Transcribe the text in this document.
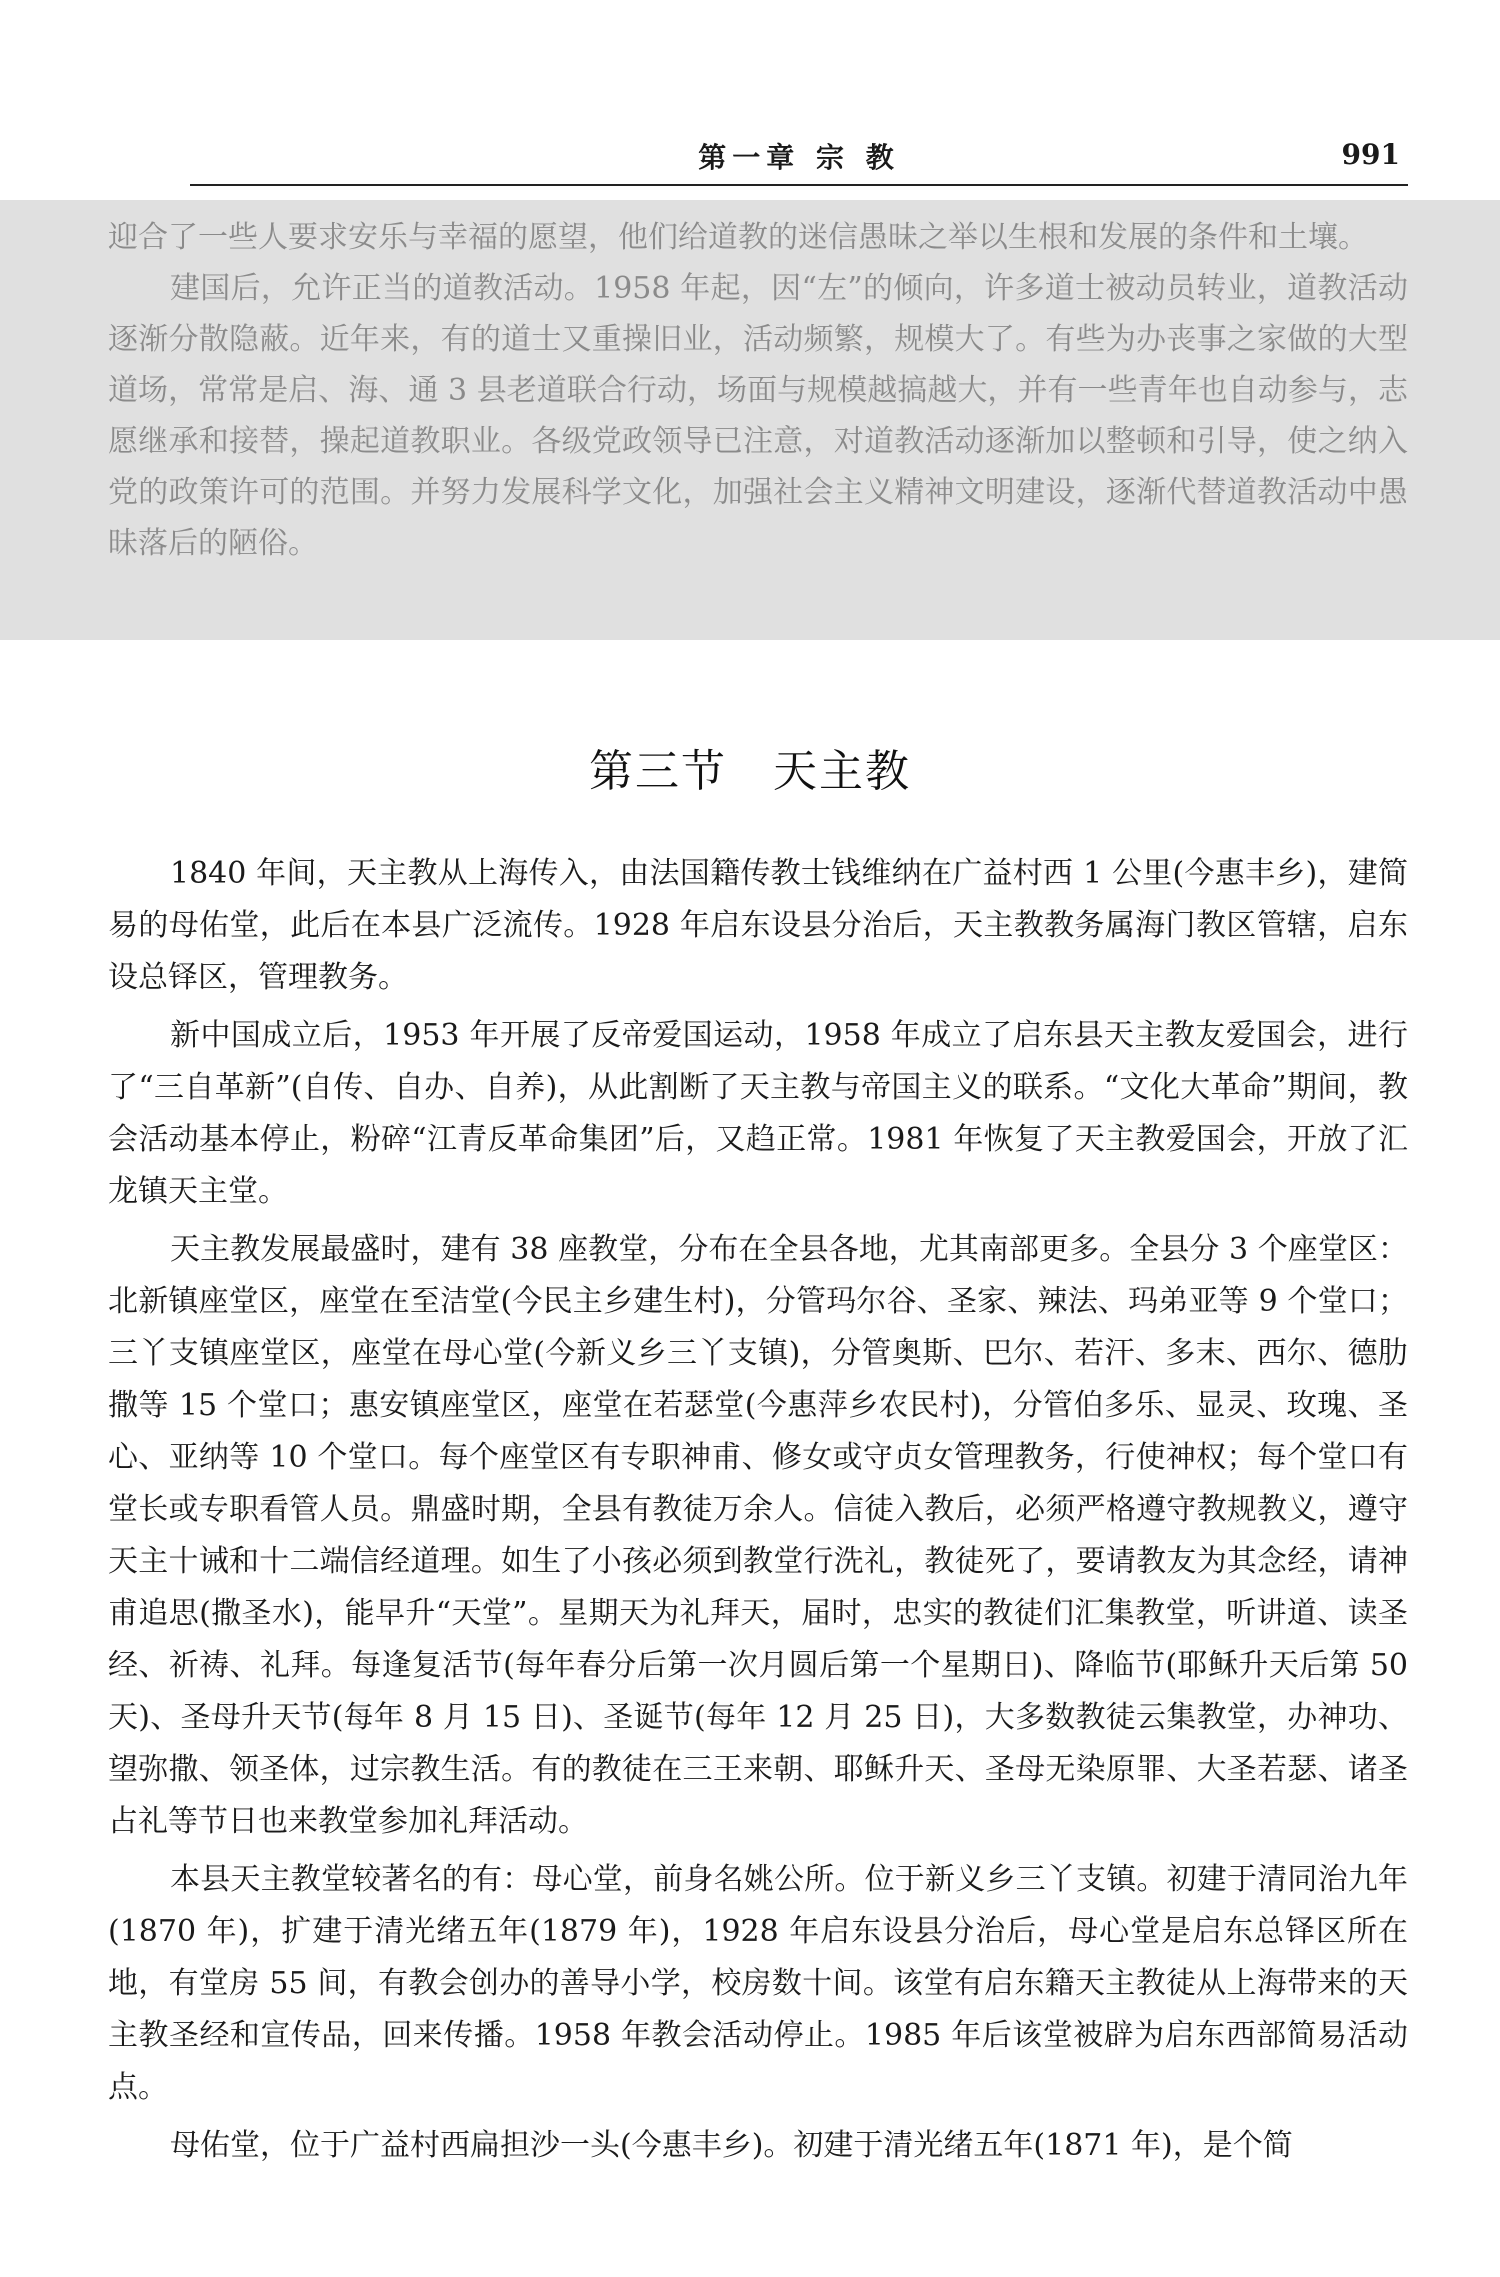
第一章 宗 教	991

迎合了一些人要求安乐与幸福的愿望，他们给道教的迷信愚昧之举以生根和发展的条件和土壤。

建国后，允许正当的道教活动。1958 年起，因“左”的倾向，许多道士被动员转业，道教活动逐渐分散隐蔽。近年来，有的道士又重操旧业，活动频繁，规模大了。有些为办丧事之家做的大型道场，常常是启、海、通 3 县老道联合行动，场面与规模越搞越大，并有一些青年也自动参与，志愿继承和接替，操起道教职业。各级党政领导已注意，对道教活动逐渐加以整顿和引导，使之纳入党的政策许可的范围。并努力发展科学文化，加强社会主义精神文明建设，逐渐代替道教活动中愚昧落后的陋俗。

第三节　天主教

1840 年间，天主教从上海传入，由法国籍传教士钱维纳在广益村西 1 公里(今惠丰乡)，建简易的母佑堂，此后在本县广泛流传。1928 年启东设县分治后，天主教教务属海门教区管辖，启东设总铎区，管理教务。

新中国成立后，1953 年开展了反帝爱国运动，1958 年成立了启东县天主教友爱国会，进行了“三自革新”(自传、自办、自养)，从此割断了天主教与帝国主义的联系。“文化大革命”期间，教会活动基本停止，粉碎“江青反革命集团”后，又趋正常。1981 年恢复了天主教爱国会，开放了汇龙镇天主堂。

天主教发展最盛时，建有 38 座教堂，分布在全县各地，尤其南部更多。全县分 3 个座堂区：北新镇座堂区，座堂在至洁堂(今民主乡建生村)，分管玛尔谷、圣家、辣法、玛弟亚等 9 个堂口；三丫支镇座堂区，座堂在母心堂(今新义乡三丫支镇)，分管奥斯、巴尔、若汗、多末、西尔、德肋撒等 15 个堂口；惠安镇座堂区，座堂在若瑟堂(今惠萍乡农民村)，分管伯多乐、显灵、玫瑰、圣心、亚纳等 10 个堂口。每个座堂区有专职神甫、修女或守贞女管理教务，行使神权；每个堂口有堂长或专职看管人员。鼎盛时期，全县有教徒万余人。信徒入教后，必须严格遵守教规教义，遵守天主十诫和十二端信经道理。如生了小孩必须到教堂行洗礼，教徒死了，要请教友为其念经，请神甫追思(撒圣水)，能早升“天堂”。星期天为礼拜天，届时，忠实的教徒们汇集教堂，听讲道、读圣经、祈祷、礼拜。每逢复活节(每年春分后第一次月圆后第一个星期日)、降临节(耶稣升天后第 50 天)、圣母升天节(每年 8 月 15 日)、圣诞节(每年 12 月 25 日)，大多数教徒云集教堂，办神功、望弥撒、领圣体，过宗教生活。有的教徒在三王来朝、耶稣升天、圣母无染原罪、大圣若瑟、诸圣占礼等节日也来教堂参加礼拜活动。

本县天主教堂较著名的有：母心堂，前身名姚公所。位于新义乡三丫支镇。初建于清同治九年(1870 年)，扩建于清光绪五年(1879 年)，1928 年启东设县分治后，母心堂是启东总铎区所在地，有堂房 55 间，有教会创办的善导小学，校房数十间。该堂有启东籍天主教徒从上海带来的天主教圣经和宣传品，回来传播。1958 年教会活动停止。1985 年后该堂被辟为启东西部简易活动点。

母佑堂，位于广益村西扁担沙一头(今惠丰乡)。初建于清光绪五年(1871 年)，是个简
